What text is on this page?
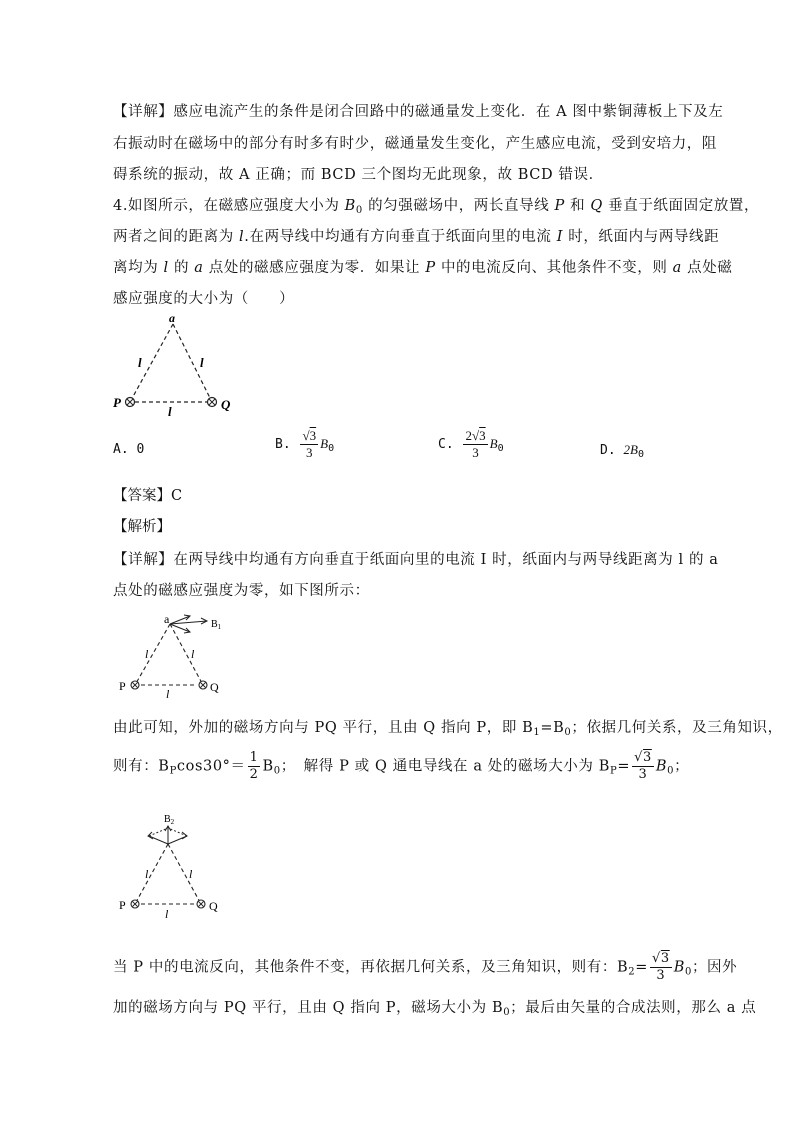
【详解】感应电流产生的条件是闭合回路中的磁通量发上变化．在 A 图中紫铜薄板上下及左
右振动时在磁场中的部分有时多有时少，磁通量发生变化，产生感应电流，受到安培力，阻
碍系统的振动，故 A 正确；而 BCD 三个图均无此现象，故 BCD 错误．
4.如图所示，在磁感应强度大小为 $B_0$ 的匀强磁场中，两长直导线 P 和 Q 垂直于纸面固定放置，
两者之间的距离为 l.在两导线中均通有方向垂直于纸面向里的电流 I 时，纸面内与两导线距
离均为 l 的 a 点处的磁感应强度为零．如果让 P 中的电流反向、其他条件不变，则 a 点处磁
感应强度的大小为（　　）
a
l	l
l
P	Q
A. 0	B. $\frac{√3}{3} B_0$	C. $\frac{2√3}{3} B_0$	D. $2B_0$
【答案】C
【解析】
【详解】在两导线中均通有方向垂直于纸面向里的电流 I 时，纸面内与两导线距离为 l 的 a
点处的磁感应强度为零，如下图所示：
a	$B_1$
l	l
l
P	Q
由此可知，外加的磁场方向与 PQ 平行，且由 Q 指向 P，即 $B_1=B_0$；依据几何关系，及三角知识，
则有：$B_P\cos 30^\circ= \frac{1}{2} B_0$；　解得 P 或 Q 通电导线在 a 处的磁场大小为 $B_P= \frac{√3}{3} B_0$；
$B_2$
l	l
l
P	Q
当 P 中的电流反向，其他条件不变，再依据几何关系，及三角知识，则有：$B_2= \frac{√3}{3} B_0$；因外
加的磁场方向与 PQ 平行，且由 Q 指向 P，磁场大小为 $B_0$；最后由矢量的合成法则，那么 a 点
